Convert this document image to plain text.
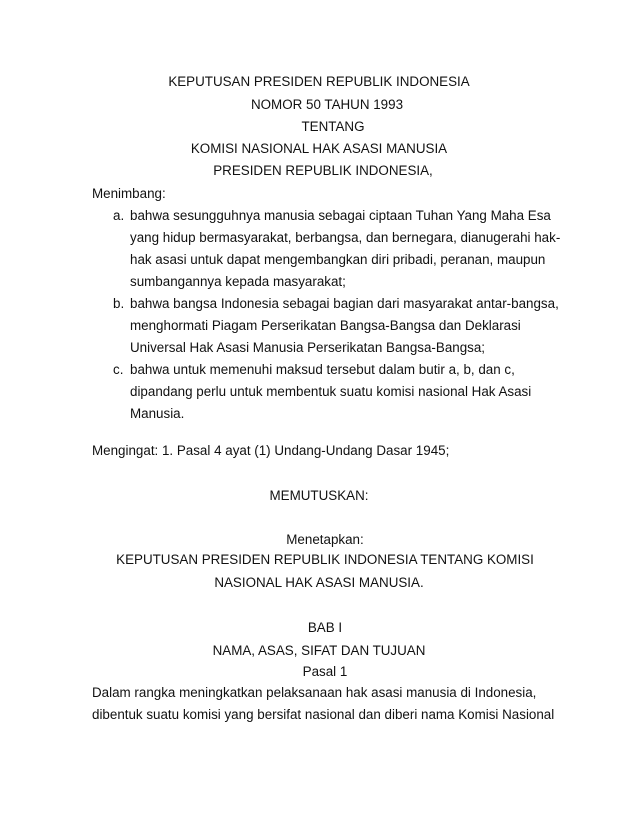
KEPUTUSAN PRESIDEN REPUBLIK INDONESIA
NOMOR 50 TAHUN 1993
TENTANG
KOMISI NASIONAL HAK ASASI MANUSIA
PRESIDEN REPUBLIK INDONESIA,
Menimbang:
a. bahwa sesungguhnya manusia sebagai ciptaan Tuhan Yang Maha Esa
yang hidup bermasyarakat, berbangsa, dan bernegara, dianugerahi hak-
hak asasi untuk dapat mengembangkan diri pribadi, peranan, maupun
sumbangannya kepada masyarakat;
b. bahwa bangsa Indonesia sebagai bagian dari masyarakat antar-bangsa,
menghormati Piagam Perserikatan Bangsa-Bangsa dan Deklarasi
Universal Hak Asasi Manusia Perserikatan Bangsa-Bangsa;
c. bahwa untuk memenuhi maksud tersebut dalam butir a, b, dan c,
dipandang perlu untuk membentuk suatu komisi nasional Hak Asasi
Manusia.
Mengingat: 1. Pasal 4 ayat (1) Undang-Undang Dasar 1945;
MEMUTUSKAN:
Menetapkan:
KEPUTUSAN PRESIDEN REPUBLIK INDONESIA TENTANG KOMISI
NASIONAL HAK ASASI MANUSIA.
BAB I
NAMA, ASAS, SIFAT DAN TUJUAN
Pasal 1
Dalam rangka meningkatkan pelaksanaan hak asasi manusia di Indonesia,
dibentuk suatu komisi yang bersifat nasional dan diberi nama Komisi Nasional
